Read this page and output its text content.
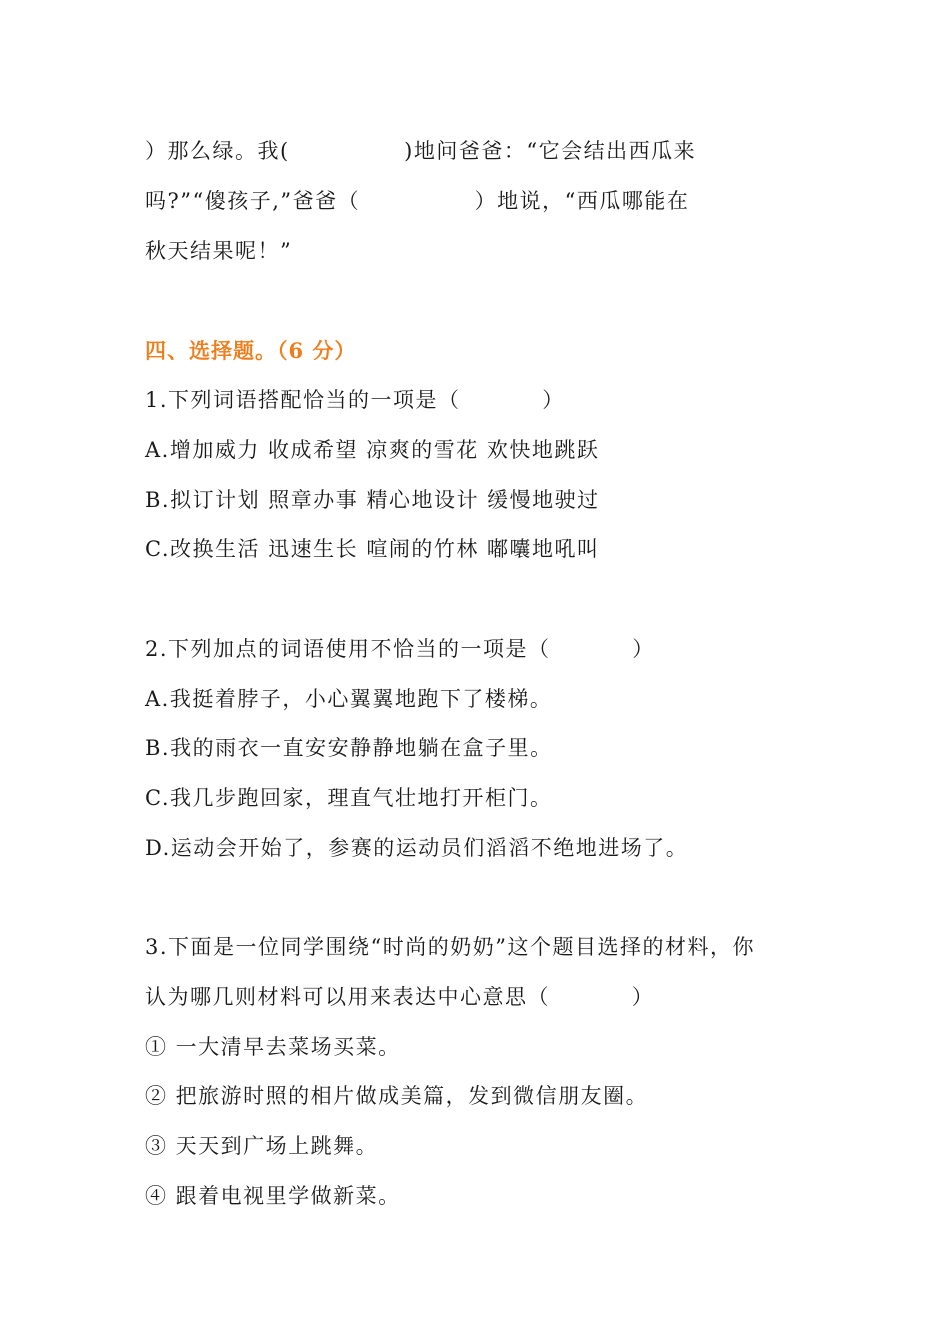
）那么绿。我(              )地问爸爸：“它会结出西瓜来
吗?”“傻孩子,”爸爸（              ）地说，“西瓜哪能在
秋天结果呢！”
四、选择题。（6 分）
1.下列词语搭配恰当的一项是（          ）
A.增加威力 收成希望 凉爽的雪花 欢快地跳跃
B.拟订计划 照章办事 精心地设计 缓慢地驶过
C.改换生活 迅速生长 喧闹的竹林 嘟囔地吼叫
2.下列加点的词语使用不恰当的一项是（          ）
A.我挺着脖子，小心翼翼地跑下了楼梯。
B.我的雨衣一直安安静静地躺在盒子里。
C.我几步跑回家，理直气壮地打开柜门。
D.运动会开始了，参赛的运动员们滔滔不绝地进场了。
3.下面是一位同学围绕“时尚的奶奶”这个题目选择的材料，你
认为哪几则材料可以用来表达中心意思（          ）
① 一大清早去菜场买菜。
② 把旅游时照的相片做成美篇，发到微信朋友圈。
③ 天天到广场上跳舞。
④ 跟着电视里学做新菜。
